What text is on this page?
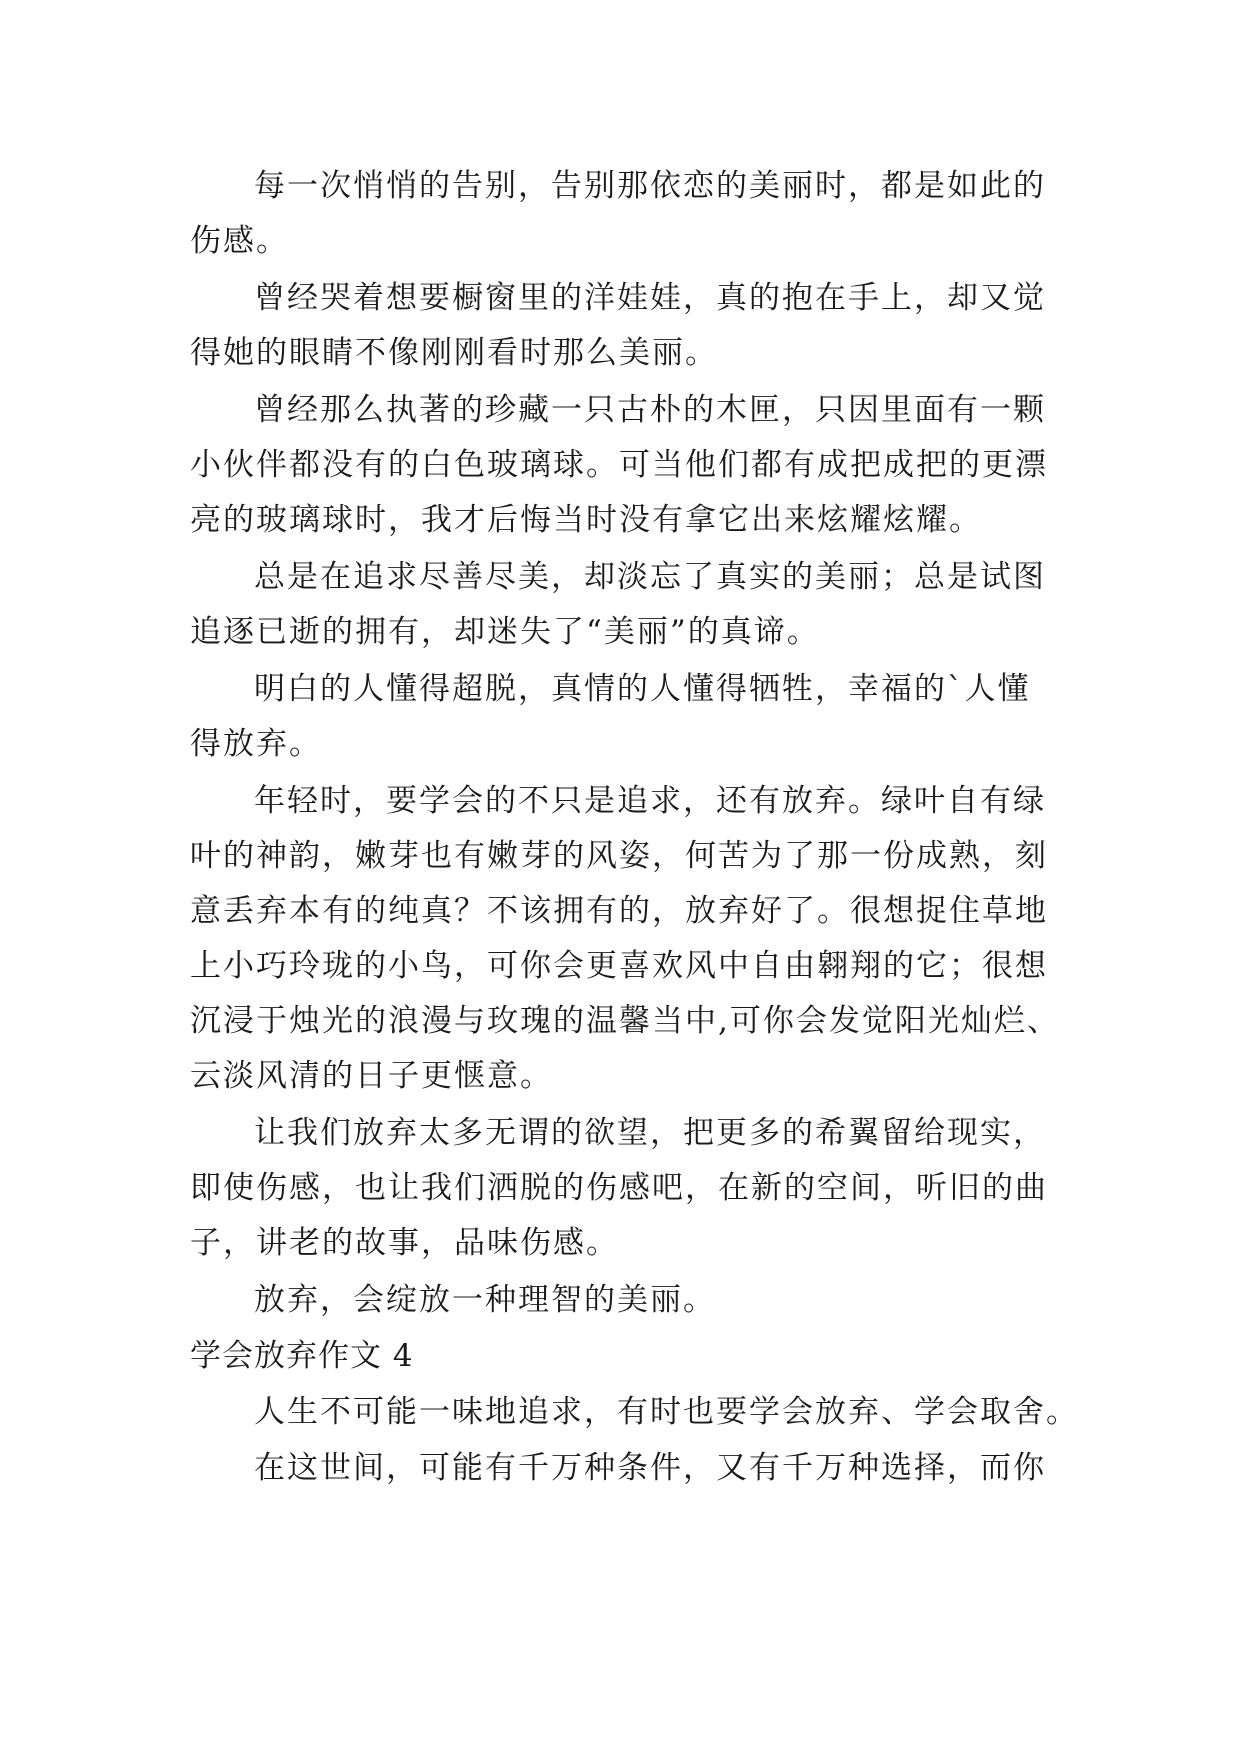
每一次悄悄的告别，告别那依恋的美丽时，都是如此的

伤感。

曾经哭着想要橱窗里的洋娃娃，真的抱在手上，却又觉

得她的眼睛不像刚刚看时那么美丽。

曾经那么执著的珍藏一只古朴的木匣，只因里面有一颗

小伙伴都没有的白色玻璃球。可当他们都有成把成把的更漂

亮的玻璃球时，我才后悔当时没有拿它出来炫耀炫耀。

总是在追求尽善尽美，却淡忘了真实的美丽；总是试图

追逐已逝的拥有，却迷失了“美丽”的真谛。

明白的人懂得超脱，真情的人懂得牺牲，幸福的`人懂

得放弃。

年轻时，要学会的不只是追求，还有放弃。绿叶自有绿

叶的神韵，嫩芽也有嫩芽的风姿，何苦为了那一份成熟，刻

意丢弃本有的纯真？不该拥有的，放弃好了。很想捉住草地

上小巧玲珑的小鸟，可你会更喜欢风中自由翱翔的它；很想

沉浸于烛光的浪漫与玫瑰的温馨当中,可你会发觉阳光灿烂、

云淡风清的日子更惬意。

让我们放弃太多无谓的欲望，把更多的希翼留给现实，

即使伤感，也让我们洒脱的伤感吧，在新的空间，听旧的曲

子，讲老的故事，品味伤感。

放弃，会绽放一种理智的美丽。

学会放弃作文 4

人生不可能一味地追求，有时也要学会放弃、学会取舍。

在这世间，可能有千万种条件，又有千万种选择，而你
